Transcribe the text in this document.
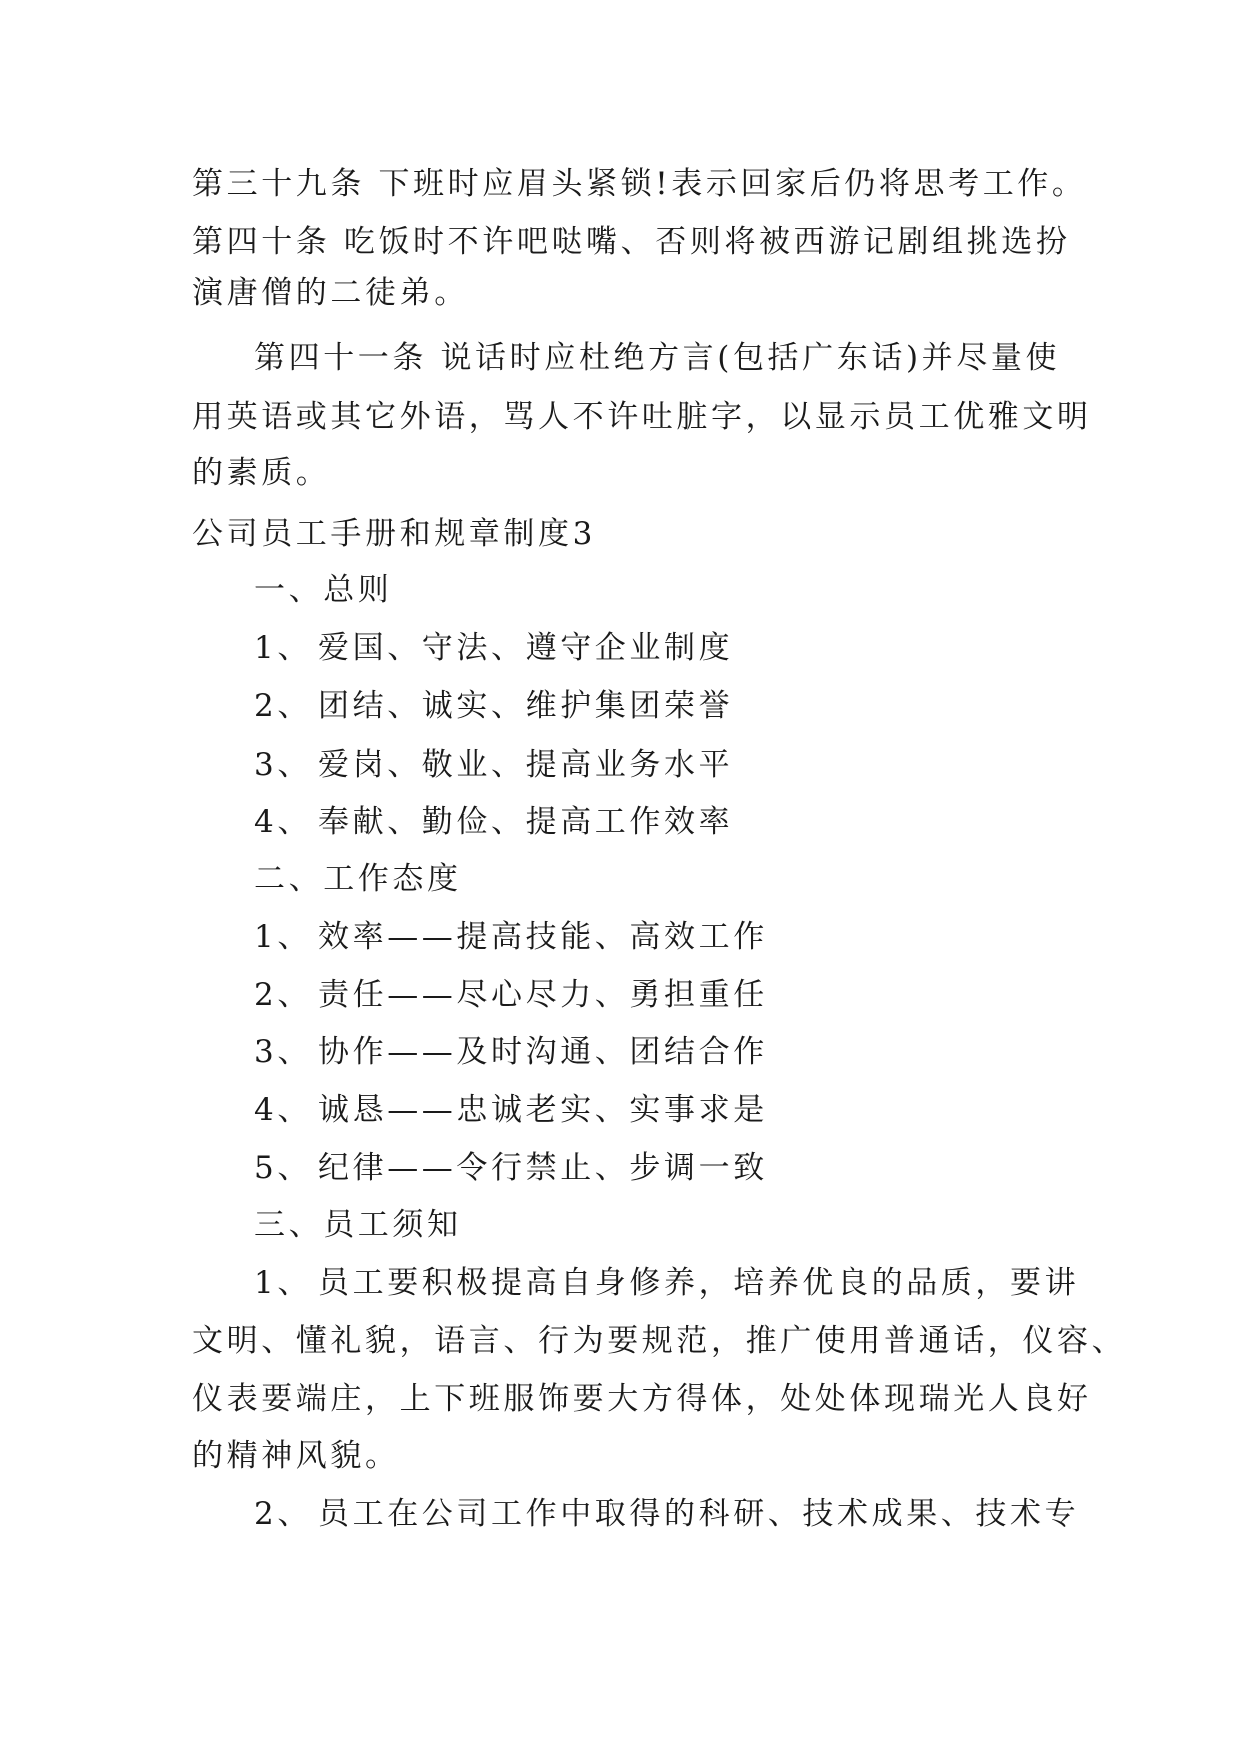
第三十九条 下班时应眉头紧锁!表示回家后仍将思考工作。
第四十条 吃饭时不许吧哒嘴、否则将被西游记剧组挑选扮
演唐僧的二徒弟。
第四十一条 说话时应杜绝方言(包括广东话)并尽量使
用英语或其它外语，骂人不许吐脏字，以显示员工优雅文明
的素质。
公司员工手册和规章制度3
一、总则
1、 爱国、守法、遵守企业制度
2、 团结、诚实、维护集团荣誉
3、 爱岗、敬业、提高业务水平
4、 奉献、勤俭、提高工作效率
二、工作态度
1、 效率——提高技能、高效工作
2、 责任——尽心尽力、勇担重任
3、 协作——及时沟通、团结合作
4、 诚恳——忠诚老实、实事求是
5、 纪律——令行禁止、步调一致
三、员工须知
1、 员工要积极提高自身修养，培养优良的品质，要讲
文明、懂礼貌，语言、行为要规范，推广使用普通话，仪容、
仪表要端庄，上下班服饰要大方得体，处处体现瑞光人良好
的精神风貌。
2、 员工在公司工作中取得的科研、技术成果、技术专
